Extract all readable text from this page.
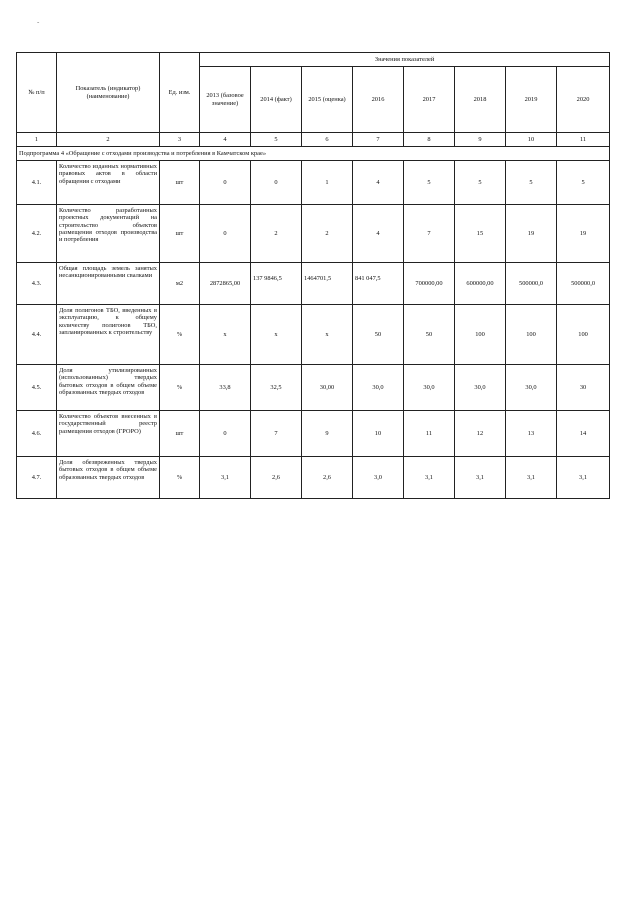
-
№ п/п	Показатель (индикатор) (наименование)	Ед. изм.	Значения показателей							
			2013 (базовое значение)	2014 (факт)	2015 (оценка)	2016	2017	2018	2019	2020
1	2	3	4	5	6	7	8	9	10	11
Подпрограмма 4 «Обращение с отходами производства и потребления в Камчатском крае»										
4.1.	Количество изданных нормативных правовых актов в области обращения с отходами	шт	0	0	1	4	5	5	5	5
4.2.	Количество разработанных проектных документаций на строительство объектов размещения отходов производства и потребления	шт	0	2	2	4	7	15	19	19
4.3.	Общая площадь земель занятых несанкционированными свалками	м2	2872865,00	137 9846,5	1464701,5	841 047,5	700000,00	600000,00	500000,0	500000,0
4.4.	Доля полигонов ТБО, введенных в эксплуатацию, к общему количеству полигонов ТБО, запланированных к строительству	%	х	х	х	50	50	100	100	100
4.5.	Доля утилизированных (использованных) твердых бытовых отходов в общем объеме образованных твердых отходов	%	33,8	32,5	30,00	30,0	30,0	30,0	30,0	30
4.6.	Количество объектов внесенных в государственный реестр размещения отходов (ГРОРО)	шт	0	7	9	10	11	12	13	14
4.7.	Доля обезвреженных твердых бытовых отходов в общем объеме образованных твердых отходов	%	3,1	2,6	2,6	3,0	3,1	3,1	3,1	3,1
